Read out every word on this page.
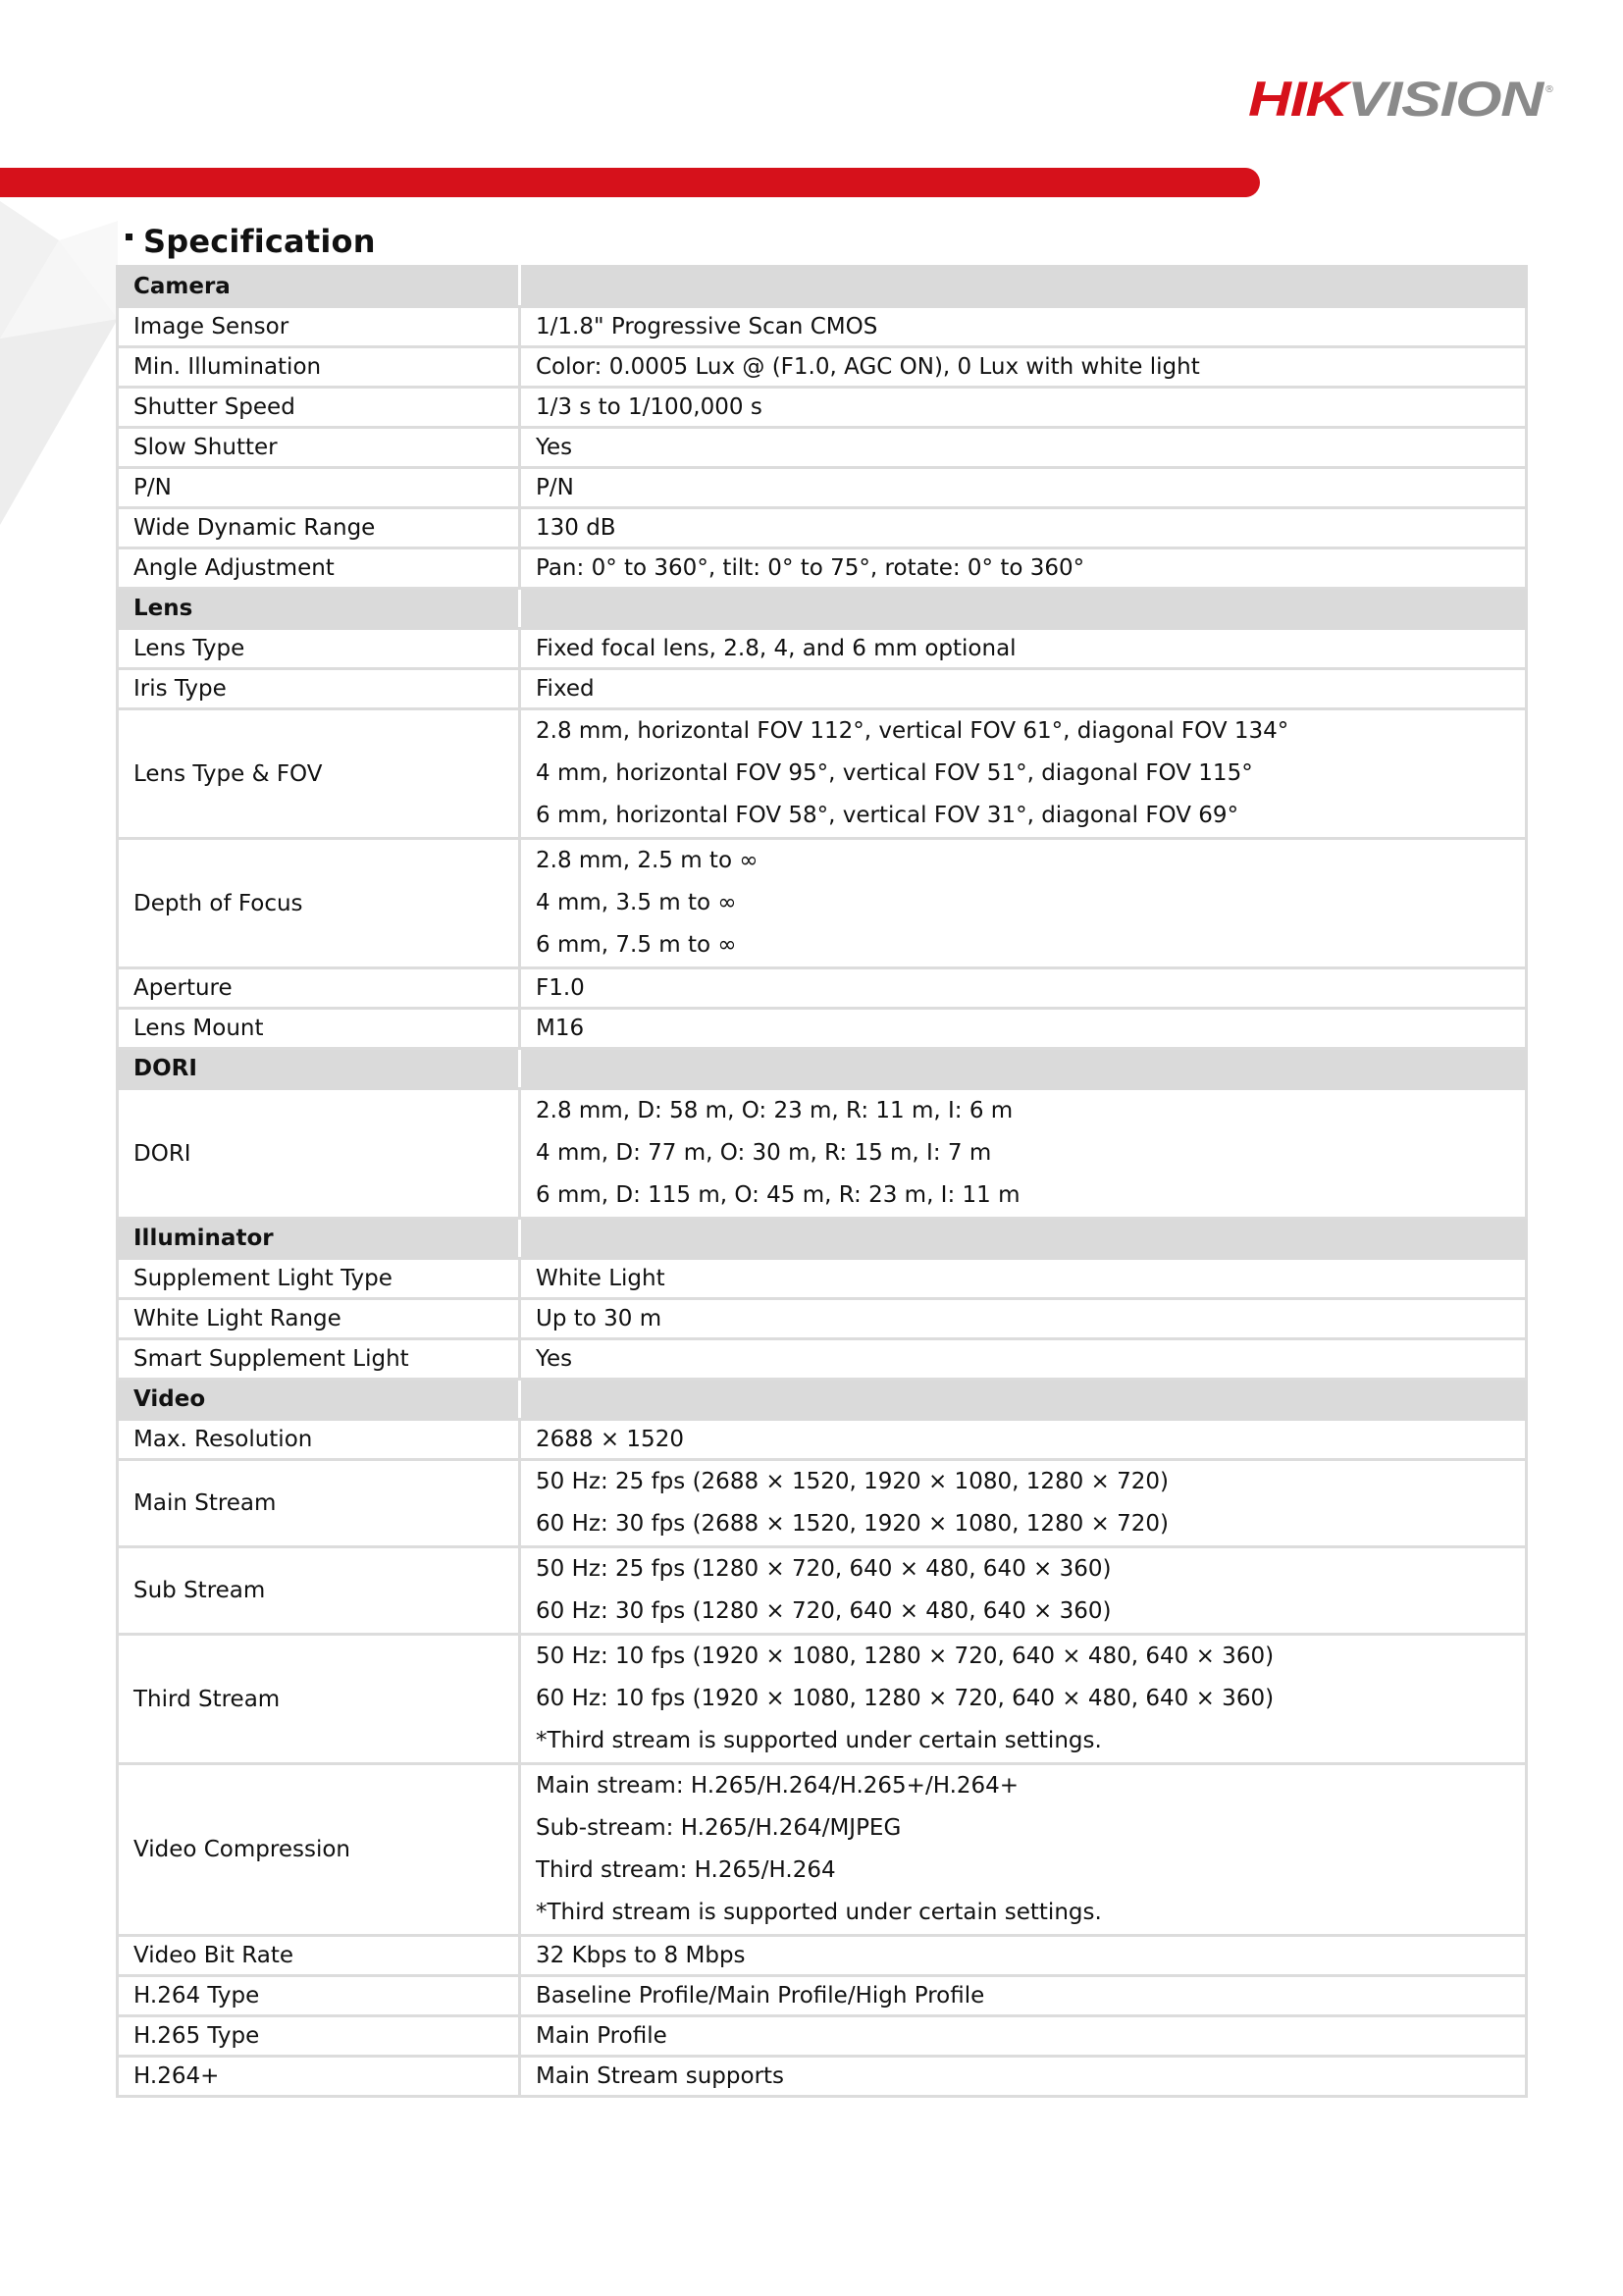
HIK VISION	®
Specification
Camera	
Image Sensor	1/1.8" Progressive Scan CMOS

Min. Illumination	Color: 0.0005 Lux @ (F1.0, AGC ON), 0 Lux with white light

Shutter Speed	1/3 s to 1/100,000 s

Slow Shutter	Yes

P/N	P/N

Wide Dynamic Range	130 dB

Angle Adjustment	Pan: 0° to 360°, tilt: 0° to 75°, rotate: 0° to 360°

Lens	
Lens Type	Fixed focal lens, 2.8, 4, and 6 mm optional

Iris Type	Fixed

Lens Type & FOV	2.8 mm, horizontal FOV 112°, vertical FOV 61°, diagonal FOV 134°
4 mm, horizontal FOV 95°, vertical FOV 51°, diagonal FOV 115°
6 mm, horizontal FOV 58°, vertical FOV 31°, diagonal FOV 69°

Depth of Focus	2.8 mm, 2.5 m to ∞
4 mm, 3.5 m to ∞
6 mm, 7.5 m to ∞

Aperture	F1.0

Lens Mount	M16

DORI	
DORI	2.8 mm, D: 58 m, O: 23 m, R: 11 m, I: 6 m
4 mm, D: 77 m, O: 30 m, R: 15 m, I: 7 m
6 mm, D: 115 m, O: 45 m, R: 23 m, I: 11 m

Illuminator	
Supplement Light Type	White Light

White Light Range	Up to 30 m

Smart Supplement Light	Yes

Video	
Max. Resolution	2688 × 1520

Main Stream	50 Hz: 25 fps (2688 × 1520, 1920 × 1080, 1280 × 720)
60 Hz: 30 fps (2688 × 1520, 1920 × 1080, 1280 × 720)

Sub Stream	50 Hz: 25 fps (1280 × 720, 640 × 480, 640 × 360)
60 Hz: 30 fps (1280 × 720, 640 × 480, 640 × 360)

Third Stream	50 Hz: 10 fps (1920 × 1080, 1280 × 720, 640 × 480, 640 × 360)
60 Hz: 10 fps (1920 × 1080, 1280 × 720, 640 × 480, 640 × 360)
*Third stream is supported under certain settings.

Video Compression	Main stream: H.265/H.264/H.265+/H.264+
Sub-stream: H.265/H.264/MJPEG
Third stream: H.265/H.264
*Third stream is supported under certain settings.

Video Bit Rate	32 Kbps to 8 Mbps

H.264 Type	Baseline Profile/Main Profile/High Profile

H.265 Type	Main Profile

H.264+	Main Stream supports
